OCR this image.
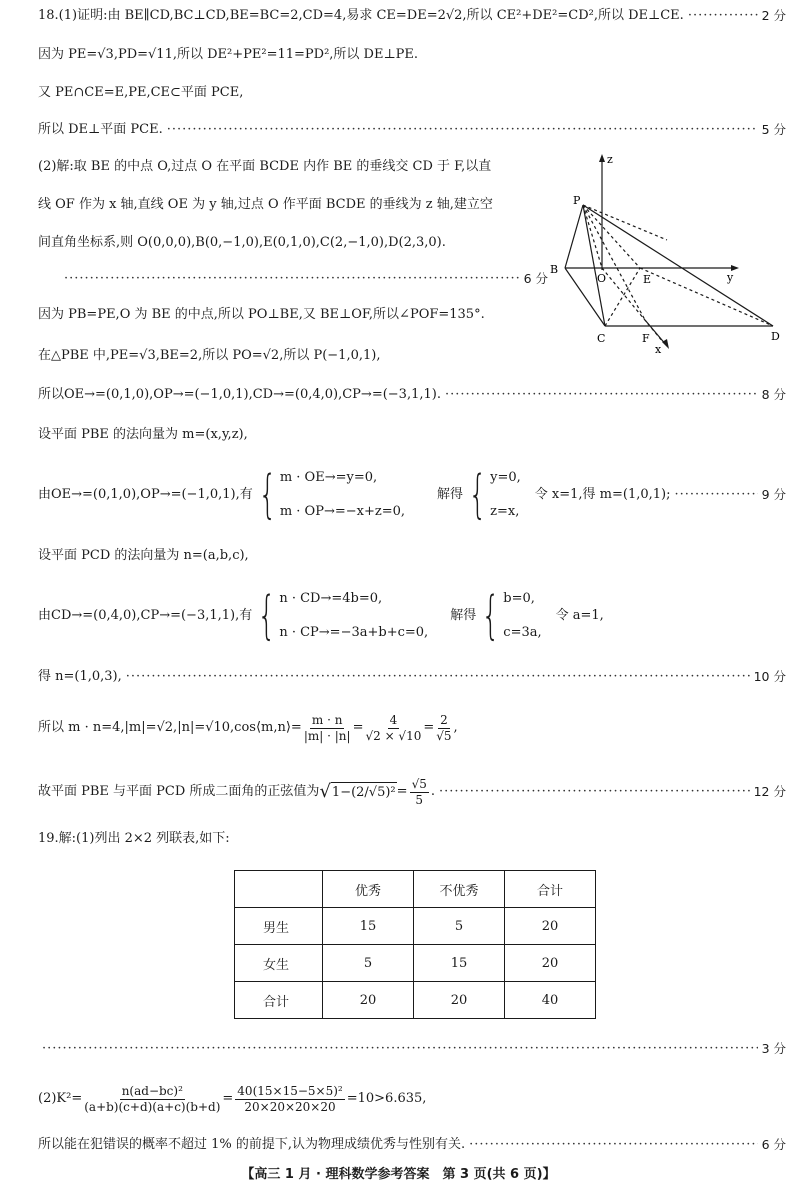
18.(1)证明:由 BE∥CD,BC⊥CD,BE=BC=2,CD=4,易求 CE=DE=2√2,所以 CE²+DE²=CD²,所以 DE⊥CE. ·····	2 分
因为 PE=√3,PD=√11,所以 DE²+PE²=11=PD²,所以 DE⊥PE.
又 PE∩CE=E,PE,CE⊂平面 PCE,
所以 DE⊥平面 PCE. ·····	5 分
(2)解:取 BE 的中点 O,过点 O 在平面 BCDE 内作 BE 的垂线交 CD 于 F,以直
线 OF 作为 x 轴,直线 OE 为 y 轴,过点 O 作平面 BCDE 的垂线为 z 轴,建立空
间直角坐标系,则 O(0,0,0),B(0,−1,0),E(0,1,0),C(2,−1,0),D(2,3,0).
·····
6 分
因为 PB=PE,O 为 BE 的中点,所以 PO⊥BE,又 BE⊥OF,所以∠POF=135°.
在△PBE 中,PE=√3,BE=2,所以 PO=√2,所以 P(−1,0,1),
z
y
x
P
B
O	E
C	F	D
所以OE→=(0,1,0),OP→=(−1,0,1),CD→=(0,4,0),CP→=(−3,1,1). ·····	8 分
设平面 PBE 的法向量为 m=(x,y,z),
由OE→=(0,1,0),OP→=(−1,0,1),有 { m · OE→=y=0,
m · OP→=−x+z=0,
解得 { y=0,
z=x,
令 x=1,得 m=(1,0,1); ·····	9 分
设平面 PCD 的法向量为 n=(a,b,c),
由CD→=(0,4,0),CP→=(−3,1,1),有 { n · CD→=4b=0,
n · CP→=−3a+b+c=0,
解得 { b=0,
c=3a,
令 a=1,
得 n=(1,0,3), ·····	10 分
所以 m · n=4,|m|=√2,|n|=√10,cos⟨m,n⟩= $\frac{m \cdot n}{|m| \cdot |n|} = \frac{4}{√2 \times √10} = \frac{2}{√5}$ ,
故平面 PBE 与平面 PCD 所成二面角的正弦值为 √ $1-(2/√5)^2 = \frac{√5}{5}$ . ·····	12 分
19.解:(1)列出 2×2 列联表,如下:
	优秀	不优秀	合计
男生	15	5	20
女生	5	15	20
合计	20	20	40
·····
3 分
$(2)K^2= \frac{\text{n(ad−bc)²}}{(a+b)(c+d)(a+c)(b+d)} = \frac{\text{40(15×15−5×5)²}}{20\times 20\times 20\times 20} =10>6.635$,
所以能在犯错误的概率不超过 1% 的前提下,认为物理成绩优秀与性别有关. ·····	6 分
【高三 1 月 · 理科数学参考答案　第 3 页(共 6 页)】
